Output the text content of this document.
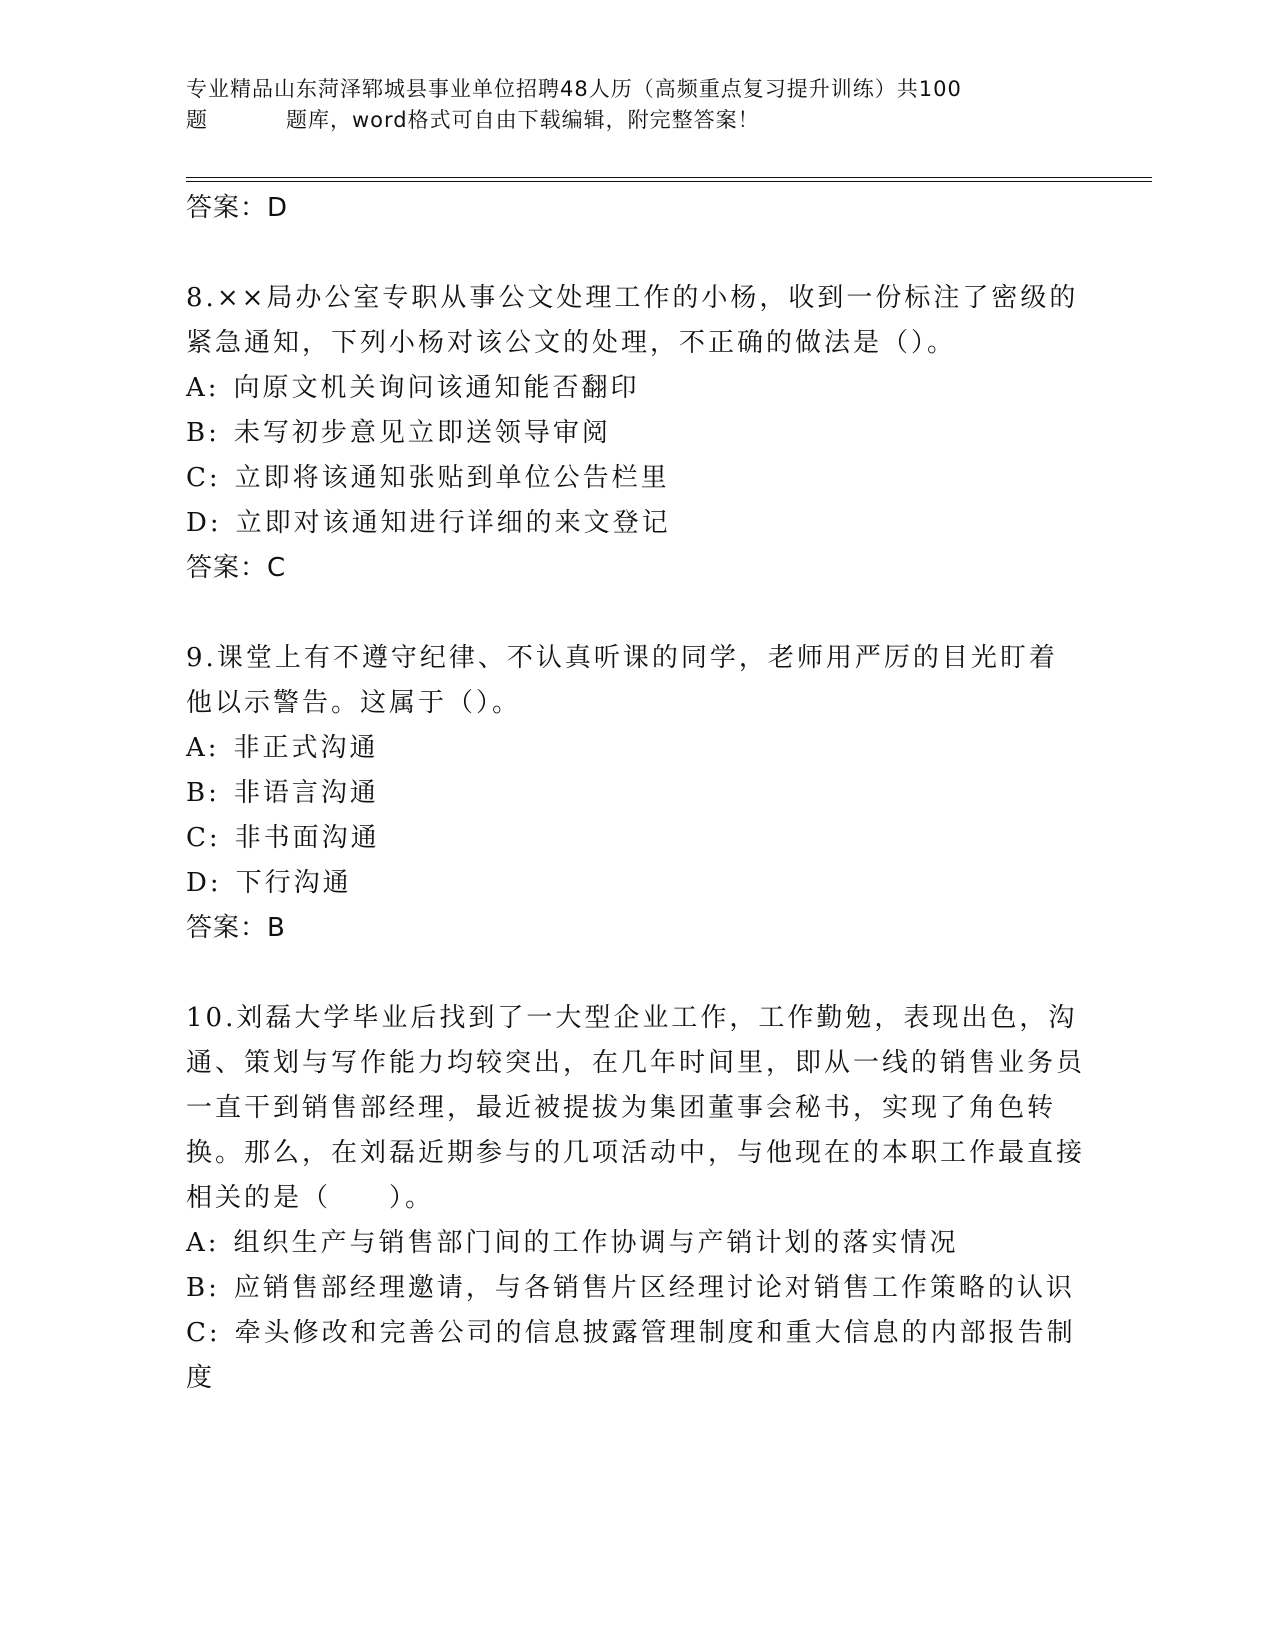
专业精品山东菏泽郓城县事业单位招聘48人历（高频重点复习提升训练）共100
题	题库，word格式可自由下载编辑，附完整答案！
答案：D
8.××局办公室专职从事公文处理工作的小杨，收到一份标注了密级的紧急通知，下列小杨对该公文的处理，不正确的做法是（）。
A: 向原文机关询问该通知能否翻印
B: 未写初步意见立即送领导审阅
C: 立即将该通知张贴到单位公告栏里
D: 立即对该通知进行详细的来文登记
答案：C
9.课堂上有不遵守纪律、不认真听课的同学，老师用严厉的目光盯着他以示警告。这属于（）。
A: 非正式沟通
B: 非语言沟通
C: 非书面沟通
D: 下行沟通
答案：B
10.刘磊大学毕业后找到了一大型企业工作，工作勤勉，表现出色，沟通、策划与写作能力均较突出，在几年时间里，即从一线的销售业务员一直干到销售部经理，最近被提拔为集团董事会秘书，实现了角色转换。那么，在刘磊近期参与的几项活动中，与他现在的本职工作最直接相关的是（　　）。
A: 组织生产与销售部门间的工作协调与产销计划的落实情况
B: 应销售部经理邀请，与各销售片区经理讨论对销售工作策略的认识
C: 牵头修改和完善公司的信息披露管理制度和重大信息的内部报告制度
